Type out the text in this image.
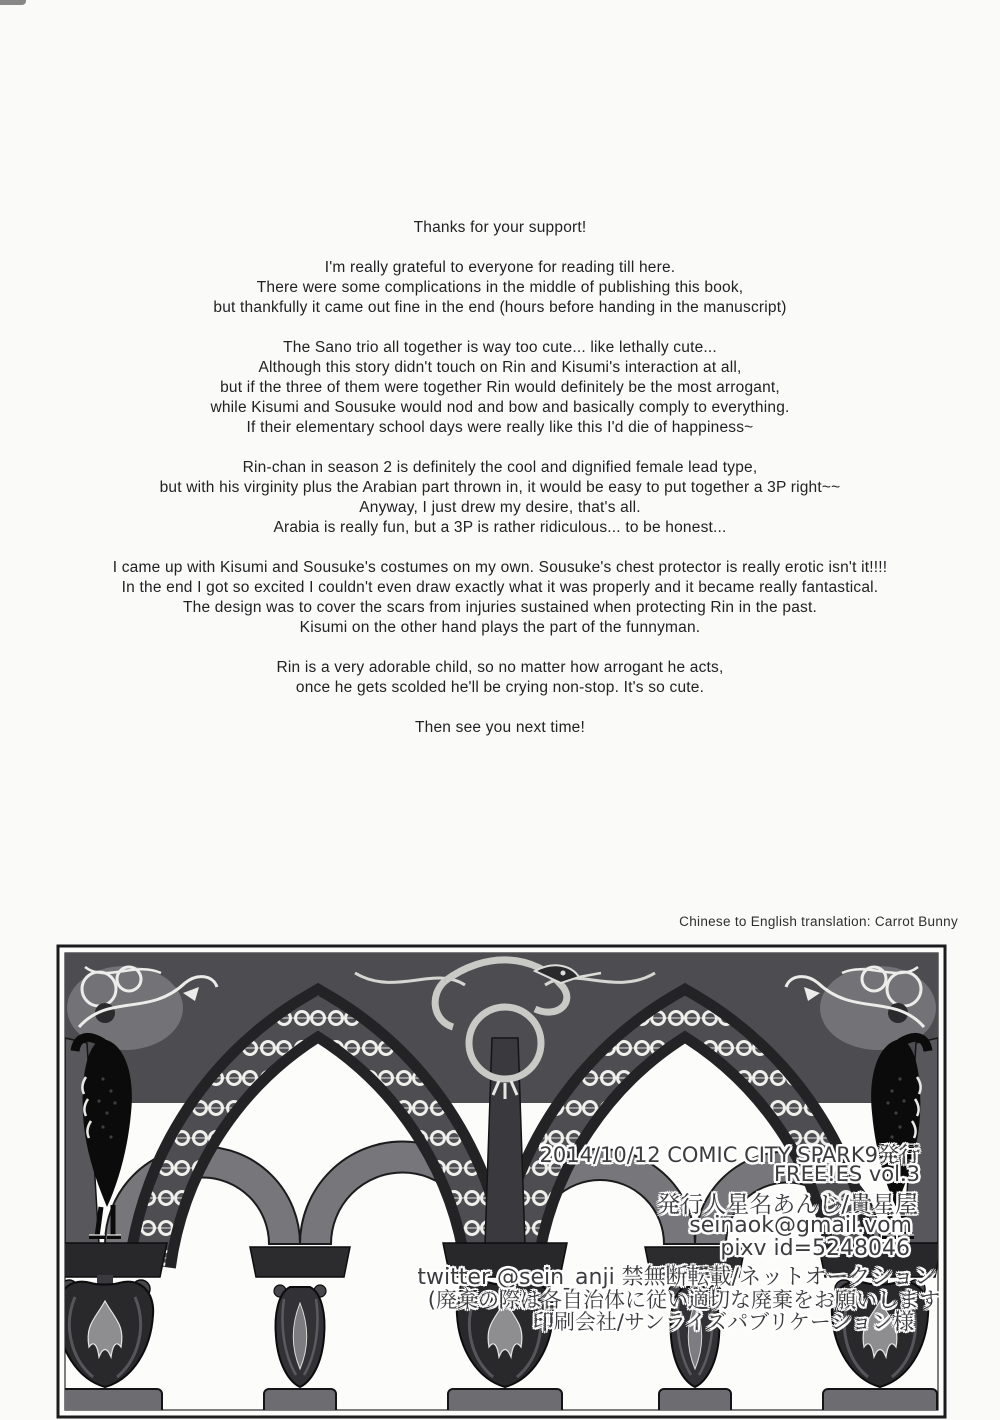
Thanks for your support!

I'm really grateful to everyone for reading till here.
There were some complications in the middle of publishing this book,
but thankfully it came out fine in the end (hours before handing in the manuscript)

The Sano trio all together is way too cute... like lethally cute...
Although this story didn't touch on Rin and Kisumi's interaction at all,
but if the three of them were together Rin would definitely be the most arrogant,
while Kisumi and Sousuke would nod and bow and basically comply to everything.
If their elementary school days were really like this I'd die of happiness~

Rin-chan in season 2 is definitely the cool and dignified female lead type,
but with his virginity plus the Arabian part thrown in, it would be easy to put together a 3P right~~
Anyway, I just drew my desire, that's all.
Arabia is really fun, but a 3P is rather ridiculous... to be honest...

I came up with Kisumi and Sousuke's costumes on my own. Sousuke's chest protector is really erotic isn't it!!!!
In the end I got so excited I couldn't even draw exactly what it was properly and it became really fantastical.
The design was to cover the scars from injuries sustained when protecting Rin in the past.
Kisumi on the other hand plays the part of the funnyman.

Rin is a very adorable child, so no matter how arrogant he acts,
once he gets scolded he'll be crying non-stop. It's so cute.

Then see you next time!

Chinese to English translation: Carrot Bunny
2014/10/12 COMIC CITY SPARK9発行
FREE!ES vol.3
発行人星名あんじ/貴星屋
seinaok@gmail.vom
pixv id=5248046
twitter @sein_anji 禁無断転載/ネットオークション
(廃棄の際は各自治体に従い適切な廃棄をお願いします
印刷会社/サンライズパブリケーション様
